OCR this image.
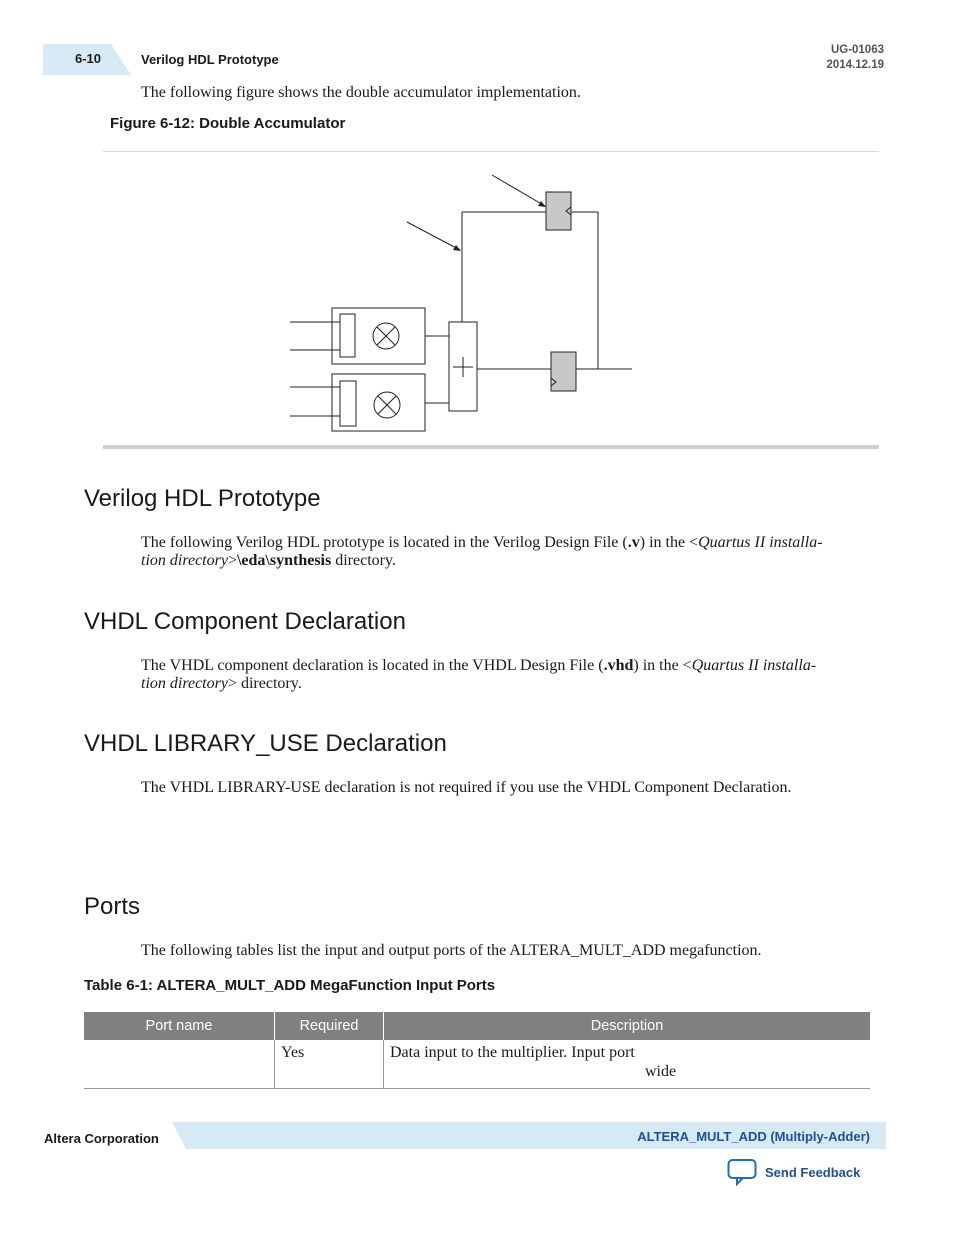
6-10	Verilog HDL Prototype
UG-01063
2014.12.19

The following figure shows the double accumulator implementation.

Figure 6-12: Double Accumulator
Verilog HDL Prototype

The following Verilog HDL prototype is located in the Verilog Design File (.v) in the <Quartus II installa-
tion directory>\eda\synthesis directory.

VHDL Component Declaration

The VHDL component declaration is located in the VHDL Design File (.vhd) in the <Quartus II installa-
tion directory> directory.

VHDL LIBRARY_USE Declaration

The VHDL LIBRARY-USE declaration is not required if you use the VHDL Component Declaration.

Ports

The following tables list the input and output ports of the ALTERA_MULT_ADD megafunction.

Table 6-1: ALTERA_MULT_ADD MegaFunction Input Ports
Port name	Required	Description
	Yes	Data input to the multiplier. Input port
wide
Altera Corporation	ALTERA_MULT_ADD (Multiply-Adder)
Send Feedback
